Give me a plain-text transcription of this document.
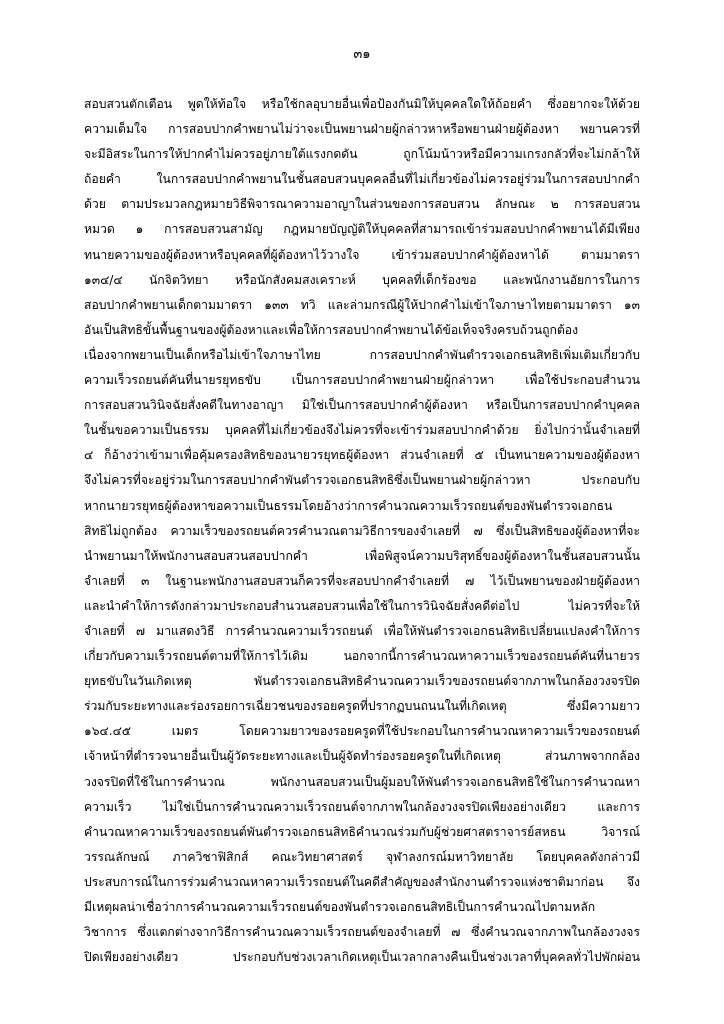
๓๑
สอบสวนตักเตือน พูดให้ท้อใจ หรือใช้กลอุบายอื่นเพื่อป้องกันมิให้บุคคลใดให้ถ้อยคำ ซึ่งอยากจะให้ด้วย
ความเต็มใจ การสอบปากคำพยานไม่ว่าจะเป็นพยานฝ่ายผู้กล่าวหาหรือพยานฝ่ายผู้ต้องหา พยานควรที่
จะมีอิสระในการให้ปากคำไม่ควรอยู่ภายใต้แรงกดดัน ถูกโน้มน้าวหรือมีความเกรงกลัวที่จะไม่กล้าให้
ถ้อยคำ ในการสอบปากคำพยานในชั้นสอบสวนบุคคลอื่นที่ไม่เกี่ยวข้องไม่ควรอยู่ร่วมในการสอบปากคำ
ด้วย ตามประมวลกฎหมายวิธีพิจารณาความอาญาในส่วนของการสอบสวน ลักษณะ ๒ การสอบสวน
หมวด ๑ การสอบสวนสามัญ กฎหมายบัญญัติให้บุคคลที่สามารถเข้าร่วมสอบปากคำพยานได้มีเพียง
ทนายความของผู้ต้องหาหรือบุคคลที่ผู้ต้องหาไว้วางใจ เข้าร่วมสอบปากคำผู้ต้องหาได้ ตามมาตรา
๑๓๔/๔ นักจิตวิทยา หรือนักสังคมสงเคราะห์ บุคคลที่เด็กร้องขอ และพนักงานอัยการในการ
สอบปากคำพยานเด็กตามมาตรา ๑๓๓ ทวิ และล่ามกรณีผู้ให้ปากคำไม่เข้าใจภาษาไทยตามมาตรา ๑๓
อันเป็นสิทธิขั้นพื้นฐานของผู้ต้องหาและเพื่อให้การสอบปากคำพยานได้ข้อเท็จจริงครบถ้วนถูกต้อง
เนื่องจากพยานเป็นเด็กหรือไม่เข้าใจภาษาไทย การสอบปากคำพันตำรวจเอกธนสิทธิเพิ่มเติมเกี่ยวกับ
ความเร็วรถยนต์คันที่นายรยุทธขับ เป็นการสอบปากคำพยานฝ่ายผู้กล่าวหา เพื่อใช้ประกอบสำนวน
การสอบสวนวินิจฉัยสั่งคดีในทางอาญา มิใช่เป็นการสอบปากคำผู้ต้องหา หรือเป็นการสอบปากคำบุคคล
ในชั้นขอความเป็นธรรม บุคคลที่ไม่เกี่ยวข้องจึงไม่ควรที่จะเข้าร่วมสอบปากคำด้วย ยิ่งไปกว่านั้นจำเลยที่
๔ ก็อ้างว่าเข้ามาเพื่อคุ้มครองสิทธิของนายวรยุทธผู้ต้องหา ส่วนจำเลยที่ ๕ เป็นทนายความของผู้ต้องหา
จึงไม่ควรที่จะอยู่ร่วมในการสอบปากคำพันตำรวจเอกธนสิทธิซึ่งเป็นพยานฝ่ายผู้กล่าวหา ประกอบกับ
หากนายวรยุทธผู้ต้องหาขอความเป็นธรรมโดยอ้างว่าการคำนวณความเร็วรถยนต์ของพันตำรวจเอกธน
สิทธิไม่ถูกต้อง ความเร็วของรถยนต์ควรคำนวณตามวิธีการของจำเลยที่ ๗ ซึ่งเป็นสิทธิของผู้ต้องหาที่จะ
นำพยานมาให้พนักงานสอบสวนสอบปากคำ เพื่อพิสูจน์ความบริสุทธิ์ของผู้ต้องหาในชั้นสอบสวนนั้น
จำเลยที่ ๓ ในฐานะพนักงานสอบสวนก็ควรที่จะสอบปากคำจำเลยที่ ๗ ไว้เป็นพยานของฝ่ายผู้ต้องหา
และนำคำให้การดังกล่าวมาประกอบสำนวนสอบสวนเพื่อใช้ในการวินิจฉัยสั่งคดีต่อไป ไม่ควรที่จะให้
จำเลยที่ ๗ มาแสดงวิธี การคำนวณความเร็วรถยนต์ เพื่อให้พันตำรวจเอกธนสิทธิเปลี่ยนแปลงคำให้การ
เกี่ยวกับความเร็วรถยนต์ตามที่ให้การไว้เดิม นอกจากนี้การคำนวณหาความเร็วของรถยนต์คันที่นายวร
ยุทธขับในวันเกิดเหตุ พันตำรวจเอกธนสิทธิคำนวณความเร็วของรถยนต์จากภาพในกล้องวงจรปิด
ร่วมกับระยะทางและร่องรอยการเฉี่ยวชนของรอยครูดที่ปรากฏบนถนนในที่เกิดเหตุ ซึ่งมีความยาว
๑๖๔.๔๕ เมตร โดยความยาวของรอยครูดที่ใช้ประกอบในการคำนวณหาความเร็วของรถยนต์
เจ้าหน้าที่ตำรวจนายอื่นเป็นผู้วัดระยะทางและเป็นผู้จัดทำร่องรอยครูดในที่เกิดเหตุ ส่วนภาพจากกล้อง
วงจรปิดที่ใช้ในการคำนวณ พนักงานสอบสวนเป็นผู้มอบให้พันตำรวจเอกธนสิทธิใช้ในการคำนวณหา
ความเร็ว ไม่ใช่เป็นการคำนวณความเร็วรถยนต์จากภาพในกล้องวงจรปิดเพียงอย่างเดียว และการ
คำนวณหาความเร็วของรถยนต์พันตำรวจเอกธนสิทธิคำนวณร่วมกับผู้ช่วยศาสตราจารย์สหธน วิจารณ์
วรรณลักษณ์ ภาควิชาฟิสิกส์ คณะวิทยาศาสตร์ จุฬาลงกรณ์มหาวิทยาลัย โดยบุคคลดังกล่าวมี
ประสบการณ์ในการร่วมคำนวณหาความเร็วรถยนต์ในคดีสำคัญของสำนักงานตำรวจแห่งชาติมาก่อน จึง
มีเหตุผลน่าเชื่อว่าการคำนวณความเร็วรถยนต์ของพันตำรวจเอกธนสิทธิเป็นการคำนวณไปตามหลัก
วิชาการ ซึ่งแตกต่างจากวิธีการคำนวณความเร็วรถยนต์ของจำเลยที่ ๗ ซึ่งคำนวณจากภาพในกล้องวงจร
ปิดเพียงอย่างเดียว ประกอบกับช่วงเวลาเกิดเหตุเป็นเวลากลางคืนเป็นช่วงเวลาที่บุคคลทั่วไปพักผ่อน
